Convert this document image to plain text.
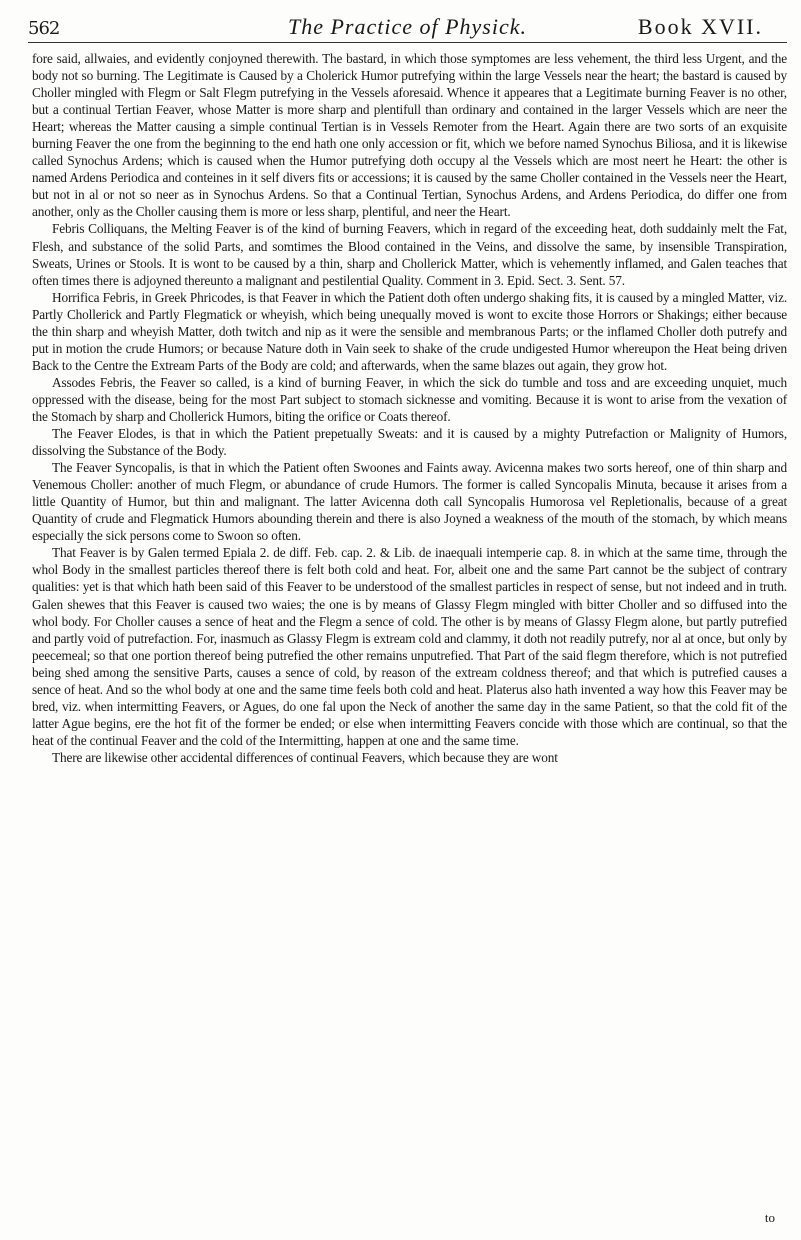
562	The Practice of Physick.	Book XVII.

fore said, allwaies, and evidently conjoyned therewith. The bastard, in which those symptomes are less vehement, the third less Urgent, and the body not so burning. The Legitimate is Caused by a Cholerick Humor putrefying within the large Vessels near the heart; the bastard is caused by Choller mingled with Flegm or Salt Flegm putrefying in the Vessels aforesaid. Whence it appeares that a Legitimate burning Feaver is no other, but a continual Tertian Feaver, whose Matter is more sharp and plentifull than ordinary and contained in the larger Vessels which are neer the Heart; whereas the Matter causing a simple continual Tertian is in Vessels Remoter from the Heart. Again there are two sorts of an exquisite burning Feaver the one from the beginning to the end hath one only accession or fit, which we before named Synochus Biliosa, and it is likewise called Synochus Ardens; which is caused when the Humor putrefying doth occupy al the Vessels which are most neert he Heart: the other is named Ardens Periodica and conteines in it self divers fits or accessions; it is caused by the same Choller contained in the Vessels neer the Heart, but not in al or not so neer as in Synochus Ardens. So that a Continual Tertian, Synochus Ardens, and Ardens Periodica, do differ one from another, only as the Choller causing them is more or less sharp, plentiful, and neer the Heart.

Febris Colliquans, the Melting Feaver is of the kind of burning Feavers, which in regard of the exceeding heat, doth suddainly melt the Fat, Flesh, and substance of the solid Parts, and somtimes the Blood contained in the Veins, and dissolve the same, by insensible Transpiration, Sweats, Urines or Stools. It is wont to be caused by a thin, sharp and Chollerick Matter, which is vehemently inflamed, and Galen teaches that often times there is adjoyned thereunto a malignant and pestilential Quality. Comment in 3. Epid. Sect. 3. Sent. 57.

Horrifica Febris, in Greek Phricodes, is that Feaver in which the Patient doth often undergo shaking fits, it is caused by a mingled Matter, viz. Partly Chollerick and Partly Flegmatick or wheyish, which being unequally moved is wont to excite those Horrors or Shakings; either because the thin sharp and wheyish Matter, doth twitch and nip as it were the sensible and membranous Parts; or the inflamed Choller doth putrefy and put in motion the crude Humors; or because Nature doth in Vain seek to shake of the crude undigested Humor whereupon the Heat being driven Back to the Centre the Extream Parts of the Body are cold; and afterwards, when the same blazes out again, they grow hot.

Assodes Febris, the Feaver so called, is a kind of burning Feaver, in which the sick do tumble and toss and are exceeding unquiet, much oppressed with the disease, being for the most Part subject to stomach sicknesse and vomiting. Because it is wont to arise from the vexation of the Stomach by sharp and Chollerick Humors, biting the orifice or Coats thereof.

The Feaver Elodes, is that in which the Patient prepetually Sweats: and it is caused by a mighty Putrefaction or Malignity of Humors, dissolving the Substance of the Body.

The Feaver Syncopalis, is that in which the Patient often Swoones and Faints away. Avicenna makes two sorts hereof, one of thin sharp and Venemous Choller: another of much Flegm, or abundance of crude Humors. The former is called Syncopalis Minuta, because it arises from a little Quantity of Humor, but thin and malignant. The latter Avicenna doth call Syncopalis Humorosa vel Repletionalis, because of a great Quantity of crude and Flegmatick Humors abounding therein and there is also Joyned a weakness of the mouth of the stomach, by which means especially the sick persons come to Swoon so often.

That Feaver is by Galen termed Epiala 2. de diff. Feb. cap. 2. & Lib. de inaequali intemperie cap. 8. in which at the same time, through the whol Body in the smallest particles thereof there is felt both cold and heat. For, albeit one and the same Part cannot be the subject of contrary qualities: yet is that which hath been said of this Feaver to be understood of the smallest particles in respect of sense, but not indeed and in truth. Galen shewes that this Feaver is caused two waies; the one is by means of Glassy Flegm mingled with bitter Choller and so diffused into the whol body. For Choller causes a sence of heat and the Flegm a sence of cold. The other is by means of Glassy Flegm alone, but partly putrefied and partly void of putrefaction. For, inasmuch as Glassy Flegm is extream cold and clammy, it doth not readily putrefy, nor al at once, but only by peecemeal; so that one portion thereof being putrefied the other remains unputrefied. That Part of the said flegm therefore, which is not putrefied being shed among the sensitive Parts, causes a sence of cold, by reason of the extream coldness thereof; and that which is putrefied causes a sence of heat. And so the whol body at one and the same time feels both cold and heat. Platerus also hath invented a way how this Feaver may be bred, viz. when intermitting Feavers, or Agues, do one fal upon the Neck of another the same day in the same Patient, so that the cold fit of the latter Ague begins, ere the hot fit of the former be ended; or else when intermitting Feavers concide with those which are continual, so that the heat of the continual Feaver and the cold of the Intermitting, happen at one and the same time.

There are likewise other accidental differences of continual Feavers, which because they are wont

to
